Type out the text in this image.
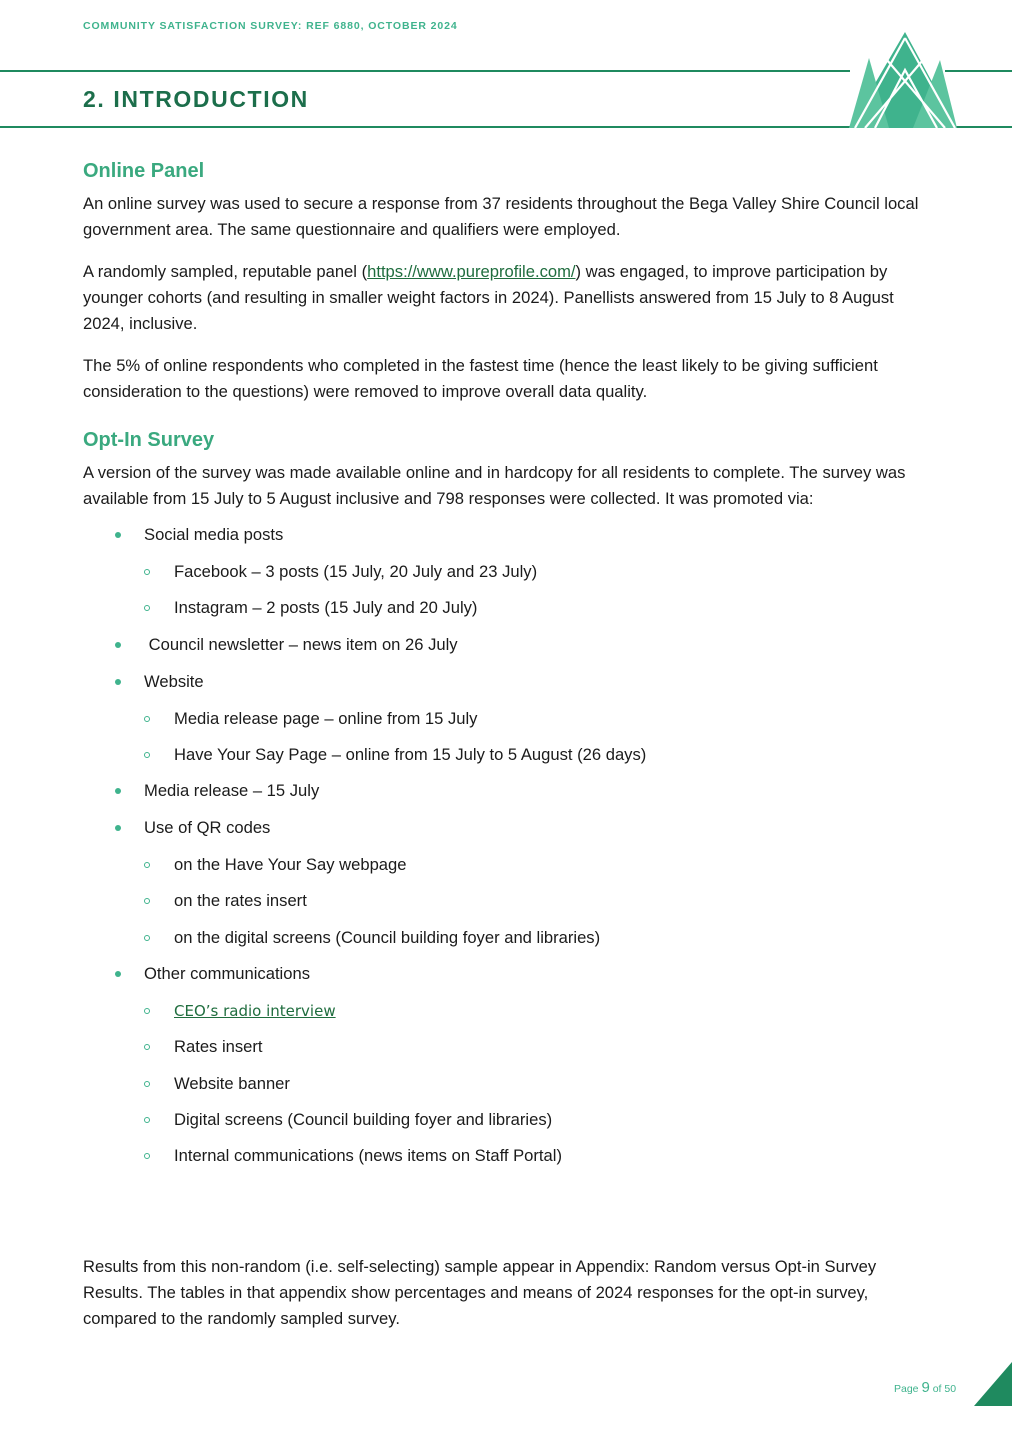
COMMUNITY SATISFACTION SURVEY: REF 6880, OCTOBER 2024
2. INTRODUCTION
Online Panel

An online survey was used to secure a response from 37 residents throughout the Bega Valley Shire Council local government area. The same questionnaire and qualifiers were employed.

A randomly sampled, reputable panel (https://www.pureprofile.com/) was engaged, to improve participation by younger cohorts (and resulting in smaller weight factors in 2024). Panellists answered from 15 July to 8 August 2024, inclusive.

The 5% of online respondents who completed in the fastest time (hence the least likely to be giving sufficient consideration to the questions) were removed to improve overall data quality.

Opt-In Survey

A version of the survey was made available online and in hardcopy for all residents to complete. The survey was available from 15 July to 5 August inclusive and 798 responses were collected. It was promoted via:

Social media posts
Facebook – 3 posts (15 July, 20 July and 23 July)
Instagram – 2 posts (15 July and 20 July)
Council newsletter – news item on 26 July
Website
Media release page – online from 15 July
Have Your Say Page – online from 15 July to 5 August (26 days)
Media release – 15 July
Use of QR codes
on the Have Your Say webpage
on the rates insert
on the digital screens (Council building foyer and libraries)
Other communications
CEO’s radio interview
Rates insert
Website banner
Digital screens (Council building foyer and libraries)
Internal communications (news items on Staff Portal)

Results from this non-random (i.e. self-selecting) sample appear in Appendix: Random versus Opt-in Survey Results. The tables in that appendix show percentages and means of 2024 responses for the opt-in survey, compared to the randomly sampled survey.

Page 9 of 50
